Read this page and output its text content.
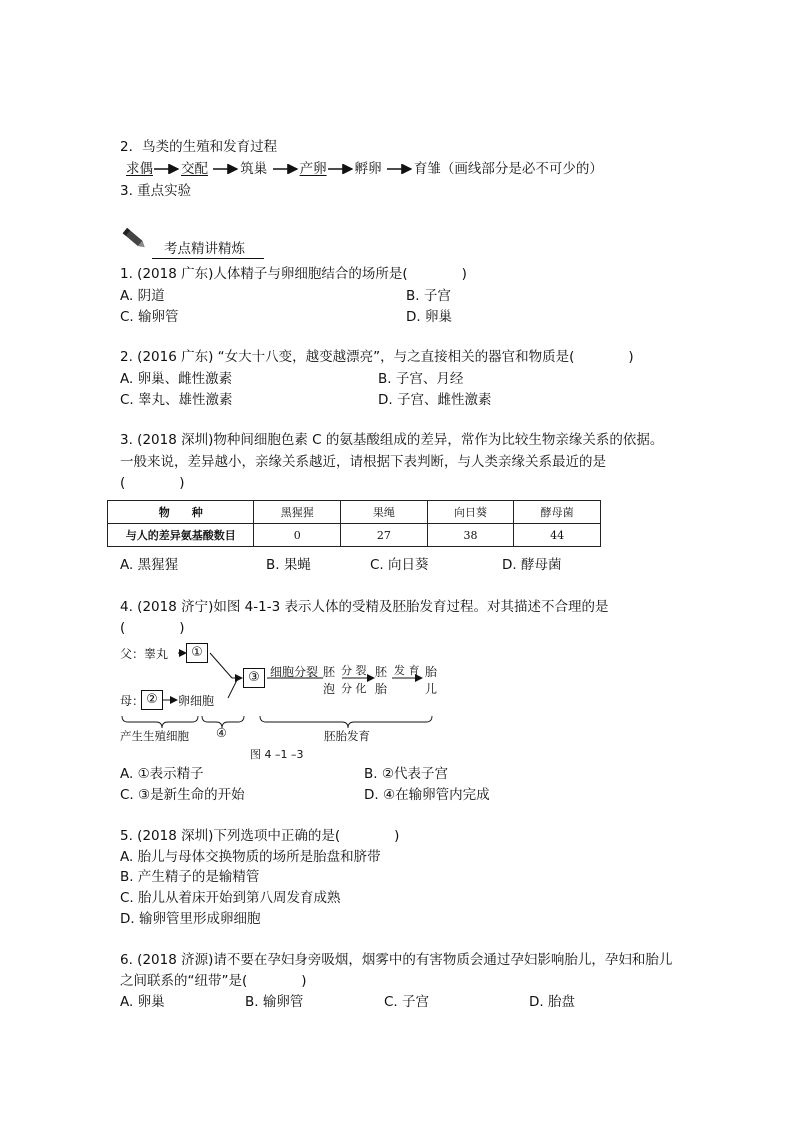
2．鸟类的生殖和发育过程
求偶 交配 筑巢 产卵 孵卵 育雏（画线部分是必不可少的）
3. 重点实验
考点精讲精炼
1. (2018 广东)人体精子与卵细胞结合的场所是(　　　　)
A. 阴道	B. 子宫
C. 输卵管	D. 卵巢
2. (2016 广东) “女大十八变，越变越漂亮”，与之直接相关的器官和物质是(　　　　)
A. 卵巢、雌性激素	B. 子宫、月经
C. 睾丸、雄性激素	D. 子宫、雌性激素
3. (2018 深圳)物种间细胞色素 C 的氨基酸组成的差异，常作为比较生物亲缘关系的依据。
一般来说，差异越小，亲缘关系越近，请根据下表判断，与人类亲缘关系最近的是
(　　　　)
物　　种	黑猩猩	果绳	向日葵	酵母菌
与人的差异氨基酸数目	0	27	38	44
A. 黑猩猩	B. 果蝇	C. 向日葵	D. 酵母菌
4. (2018 济宁)如图 4-1-3 表示人体的受精及胚胎发育过程。对其描述不合理的是
(　　　　)
父：睾丸	①
母： ②	卵细胞
③ 细胞分裂 胚
泡
分 裂
分 化
胚
胎
发 育 胎
儿
产生生殖细胞 ④	胚胎发育
图 4 –1 –3
A. ①表示精子	B. ②代表子宫
C. ③是新生命的开始	D. ④在输卵管内完成
5. (2018 深圳)下列选项中正确的是(　　　　)
A. 胎儿与母体交换物质的场所是胎盘和脐带
B. 产生精子的是输精管
C. 胎儿从着床开始到第八周发育成熟
D. 输卵管里形成卵细胞
6. (2018 济源)请不要在孕妇身旁吸烟，烟雾中的有害物质会通过孕妇影响胎儿，孕妇和胎儿
之间联系的“纽带”是(　　　　)
A. 卵巢	B. 输卵管	C. 子宫	D. 胎盘
